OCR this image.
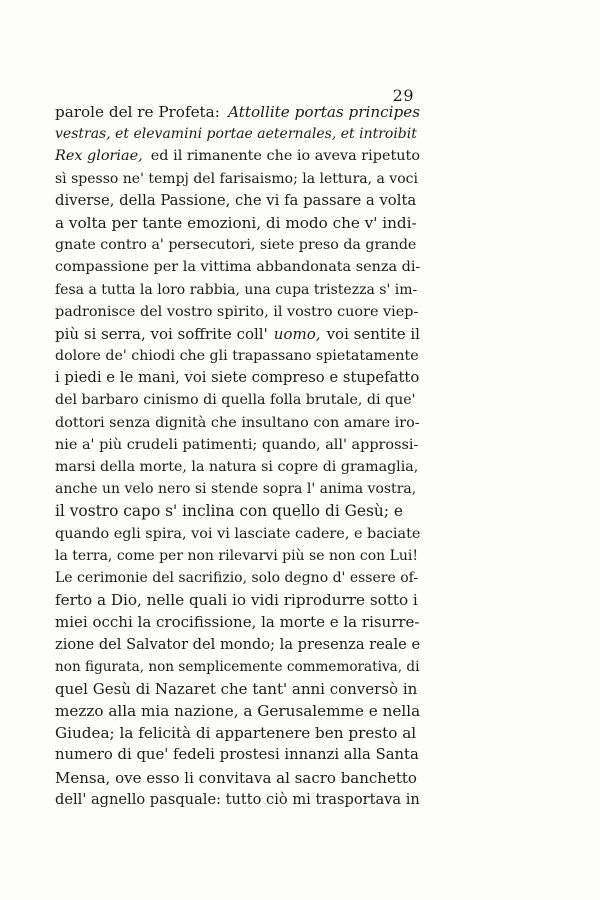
29
parole del re Profeta: Attollite portas principes
vestras, et elevamini portae aeternales, et introibit
Rex gloriae, ed il rimanente che io aveva ripetuto
sì spesso ne' tempj del farisaismo; la lettura, a voci
diverse, della Passione, che vi fa passare a volta
a volta per tante emozioni, di modo che v' indi-
gnate contro a' persecutori, siete preso da grande
compassione per la vittima abbandonata senza di-
fesa a tutta la loro rabbia, una cupa tristezza s' im-
padronisce del vostro spirito, il vostro cuore viep-
più si serra, voi soffrite coll' uomo, voi sentite il
dolore de' chiodi che gli trapassano spietatamente
i piedi e le mani, voi siete compreso e stupefatto
del barbaro cinismo di quella folla brutale, di que'
dottori senza dignità che insultano con amare iro-
nie a' più crudeli patimenti; quando, all' approssi-
marsi della morte, la natura si copre di gramaglia,
anche un velo nero si stende sopra l' anima vostra,
il vostro capo s' inclina con quello di Gesù; e
quando egli spira, voi vi lasciate cadere, e baciate
la terra, come per non rilevarvi più se non con Lui!
Le cerimonie del sacrifizio, solo degno d' essere of-
ferto a Dio, nelle quali io vidi riprodurre sotto i
miei occhi la crocifissione, la morte e la risurre-
zione del Salvator del mondo; la presenza reale e
non figurata, non semplicemente commemorativa, di
quel Gesù di Nazaret che tant' anni conversò in
mezzo alla mia nazione, a Gerusalemme e nella
Giudea; la felicità di appartenere ben presto al
numero di que' fedeli prostesi innanzi alla Santa
Mensa, ove esso li convitava al sacro banchetto
dell' agnello pasquale: tutto ciò mi trasportava in
